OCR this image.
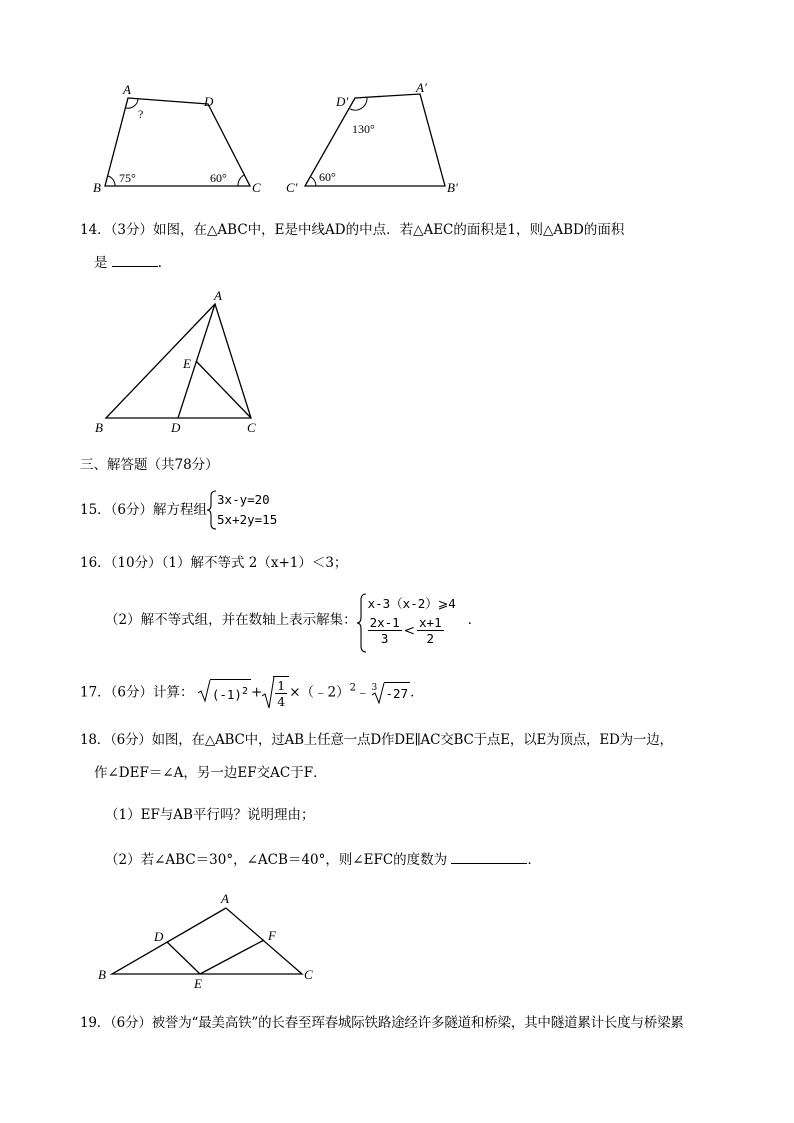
A
D
B	C
?
75°	60°
D′
A′
C′	B′
130°
60°
14．（3分）如图，在△ABC中，E是中线AD的中点．若△AEC的面积是1，则△ABD的面积
是	．
A
E
B	D	C
三、解答题（共78分）
15．（6分）解方程组
3x-y=20
5x+2y=15
16．（10分）（1）解不等式 2（x+1）＜3；
（2）解不等式组，并在数轴上表示解集：
x-3（x-2）⩾4
$\frac{2x-1}{3} < \frac{x+1}{2}$ ．
17．（6分）计算： $(-1)^2 + \frac{1}{4}$ ×（﹣2）$^2$﹣ 3 -27 ．
18．（6分）如图，在△ABC中，过AB上任意一点D作DE∥AC交BC于点E，以E为顶点，ED为一边，
作∠DEF＝∠A，另一边EF交AC于F．
（1）EF与AB平行吗？说明理由；
（2）若∠ABC＝30°，∠ACB＝40°，则∠EFC的度数为	．
A
D	F
B
E
C
19．（6分）被誉为“最美高铁”的长春至珲春城际铁路途经许多隧道和桥梁，其中隧道累计长度与桥梁累
